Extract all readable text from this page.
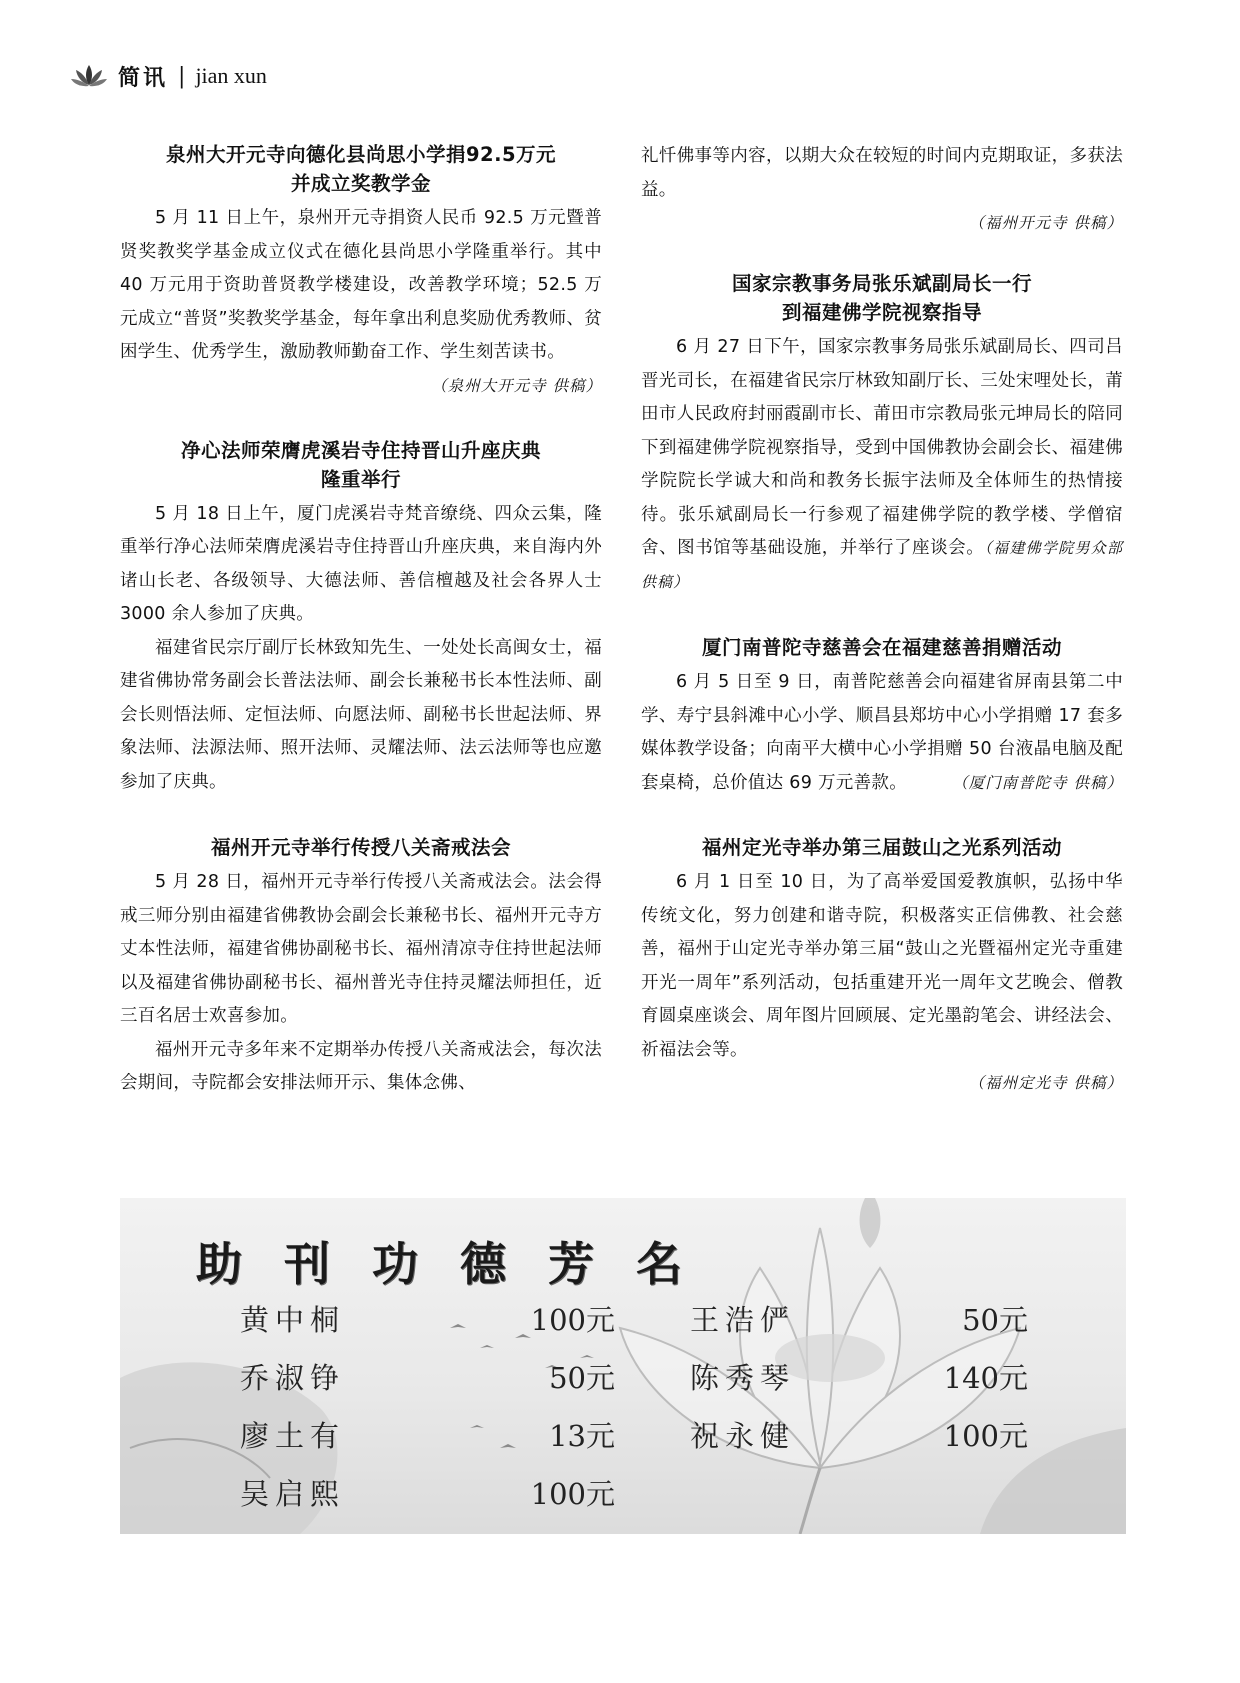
简讯 | jian xun
泉州大开元寺向德化县尚思小学捐92.5万元
并成立奖教学金

5 月 11 日上午，泉州开元寺捐资人民币 92.5 万元暨普贤奖教奖学基金成立仪式在德化县尚思小学隆重举行。其中 40 万元用于资助普贤教学楼建设，改善教学环境；52.5 万元成立“普贤”奖教奖学基金，每年拿出利息奖励优秀教师、贫困学生、优秀学生，激励教师勤奋工作、学生刻苦读书。

（泉州大开元寺 供稿）
净心法师荣膺虎溪岩寺住持晋山升座庆典
隆重举行

5 月 18 日上午，厦门虎溪岩寺梵音缭绕、四众云集，隆重举行净心法师荣膺虎溪岩寺住持晋山升座庆典，来自海内外诸山长老、各级领导、大德法师、善信檀越及社会各界人士 3000 余人参加了庆典。

福建省民宗厅副厅长林致知先生、一处处长高闽女士，福建省佛协常务副会长普法法师、副会长兼秘书长本性法师、副会长则悟法师、定恒法师、向愿法师、副秘书长世起法师、界象法师、法源法师、照开法师、灵耀法师、法云法师等也应邀参加了庆典。

福州开元寺举行传授八关斋戒法会

5 月 28 日，福州开元寺举行传授八关斋戒法会。法会得戒三师分别由福建省佛教协会副会长兼秘书长、福州开元寺方丈本性法师，福建省佛协副秘书长、福州清凉寺住持世起法师以及福建省佛协副秘书长、福州普光寺住持灵耀法师担任，近三百名居士欢喜参加。

福州开元寺多年来不定期举办传授八关斋戒法会，每次法会期间，寺院都会安排法师开示、集体念佛、

礼忏佛事等内容，以期大众在较短的时间内克期取证，多获法益。

（福州开元寺 供稿）
国家宗教事务局张乐斌副局长一行
到福建佛学院视察指导

6 月 27 日下午，国家宗教事务局张乐斌副局长、四司吕晋光司长，在福建省民宗厅林致知副厅长、三处宋哩处长，莆田市人民政府封丽霞副市长、莆田市宗教局张元坤局长的陪同下到福建佛学院视察指导，受到中国佛教协会副会长、福建佛学院院长学诚大和尚和教务长振宇法师及全体师生的热情接待。张乐斌副局长一行参观了福建佛学院的教学楼、学僧宿舍、图书馆等基础设施，并举行了座谈会。（福建佛学院男众部 供稿）

厦门南普陀寺慈善会在福建慈善捐赠活动

6 月 5 日至 9 日，南普陀慈善会向福建省屏南县第二中学、寿宁县斜滩中心小学、顺昌县郑坊中心小学捐赠 17 套多媒体教学设备；向南平大横中心小学捐赠 50 台液晶电脑及配套桌椅，总价值达 69 万元善款。	（厦门南普陀寺 供稿）
福州定光寺举办第三届鼓山之光系列活动

6 月 1 日至 10 日，为了高举爱国爱教旗帜，弘扬中华传统文化，努力创建和谐寺院，积极落实正信佛教、社会慈善，福州于山定光寺举办第三届“鼓山之光暨福州定光寺重建开光一周年”系列活动，包括重建开光一周年文艺晚会、僧教育圆桌座谈会、周年图片回顾展、定光墨韵笔会、讲经法会、祈福法会等。

（福州定光寺 供稿）
助刊功德芳名
黄中桐	100元
乔淑铮	50元
廖土有	13元
吴启熙	100元
王浩俨	50元
陈秀琴	140元
祝永健	100元
